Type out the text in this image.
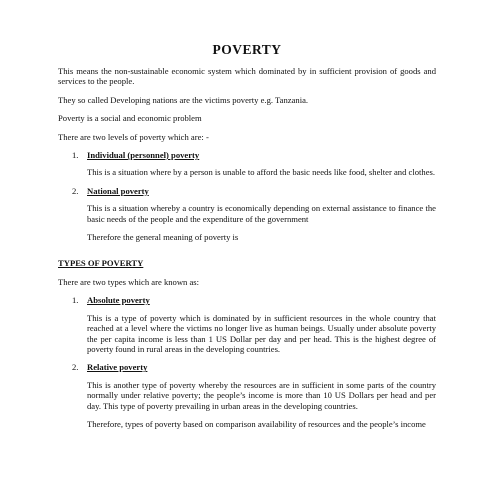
POVERTY

This means the non-sustainable economic system which dominated by in sufficient provision of goods and services to the people.

They so called Developing nations are the victims poverty e.g. Tanzania.

Poverty is a social and economic problem

There are two levels of poverty which are: -

1. Individual (personnel) poverty

This is a situation where by a person is unable to afford the basic needs like food, shelter and clothes.

2. National poverty

This is a situation whereby a country is economically depending on external assistance to finance the basic needs of the people and the expenditure of the government

Therefore the general meaning of poverty is

TYPES OF POVERTY

There are two types which are known as:

1. Absolute poverty

This is a type of poverty which is dominated by in sufficient resources in the whole country that reached at a level where the victims no longer live as human beings. Usually under absolute poverty the per capita income is less than 1 US Dollar per day and per head. This is the highest degree of poverty found in rural areas in the developing countries.

2. Relative poverty

This is another type of poverty whereby the resources are in sufficient in some parts of the country normally under relative poverty; the people’s income is more than 10 US Dollars per head and per day. This type of poverty prevailing in urban areas in the developing countries.

Therefore, types of poverty based on comparison availability of resources and the people’s income
